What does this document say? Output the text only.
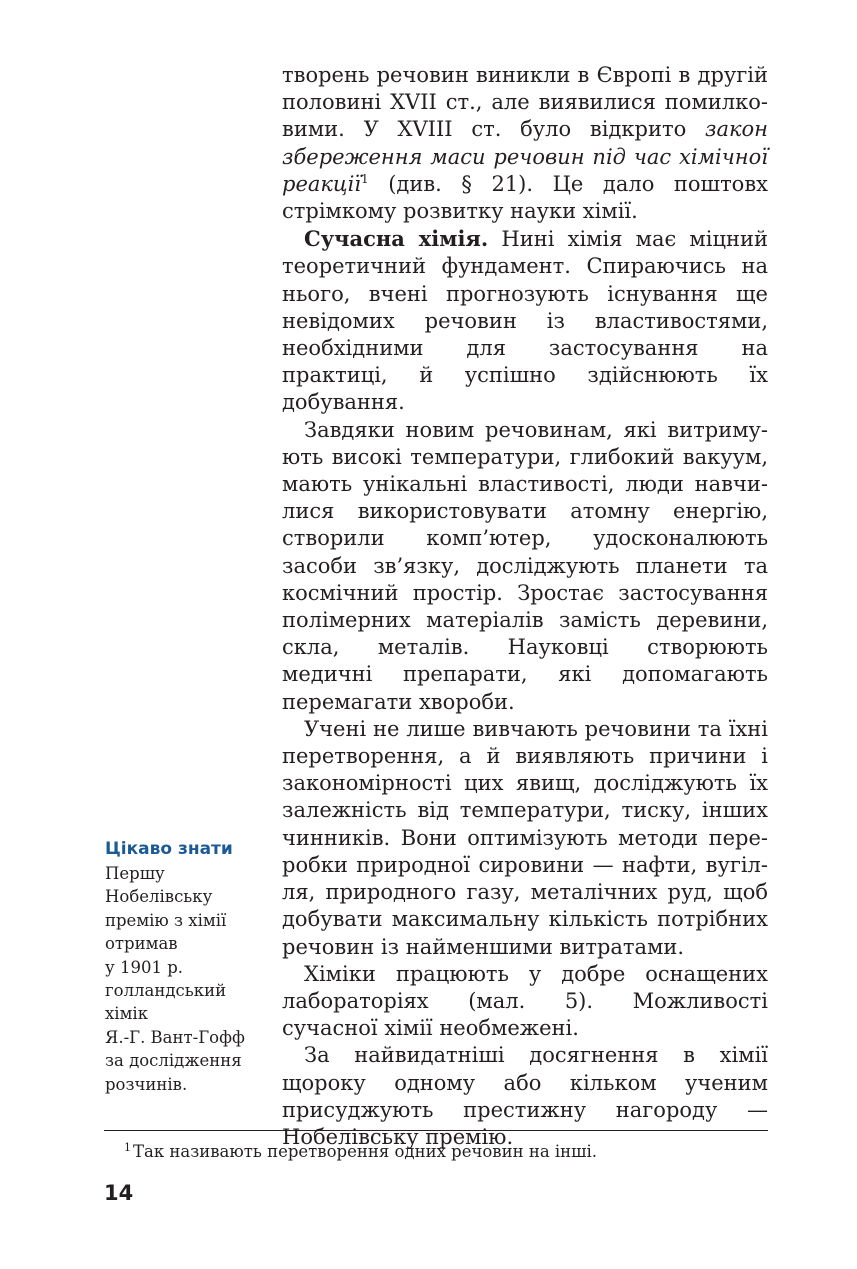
творень речовин виникли в Європі в другій половині XVII ст., але виявилися помилковими. У XVIII ст. було відкрито закон збереження маси речовин під час хімічної реакції$^1$ (див. § 21). Це дало поштовх стрімкому розвитку науки хімії.

Сучасна хімія. Нині хімія має міцний теоретичний фундамент. Спираючись на нього, вчені прогнозують існування ще невідомих речовин із властивостями, необхідними для застосування на практиці, й успішно здійснюють їх добування.

Завдяки новим речовинам, які витримують високі температури, глибокий вакуум, мають унікальні властивості, люди навчилися використовувати атомну енергію, створили комп’ютер, удосконалюють засоби зв’язку, досліджують планети та космічний простір. Зростає застосування полімерних матеріалів замість деревини, скла, металів. Науковці створюють медичні препарати, які допомагають перемагати хвороби.

Учені не лише вивчають речовини та їхні перетворення, а й виявляють причини і закономірності цих явищ, досліджують їх залежність від температури, тиску, інших чинників. Вони оптимізують методи переробки природної сировини — нафти, вугілля, природного газу, металічних руд, щоб добувати максимальну кількість потрібних речовин із найменшими витратами.

Хіміки працюють у добре оснащених лабораторіях (мал. 5). Можливості сучасної хімії необмежені.

За найвидатніші досягнення в хімії щороку одному або кільком ученим присуджують престижну нагороду — Нобелівську премію.

Цікаво знати
Першу
Нобелівську
премію з хімії
отримав
у 1901 р.
голландський
хімік
Я.-Г. Вант-Гофф
за дослідження
розчинів.
$^1$ Так називають перетворення одних речовин на інші.
14
